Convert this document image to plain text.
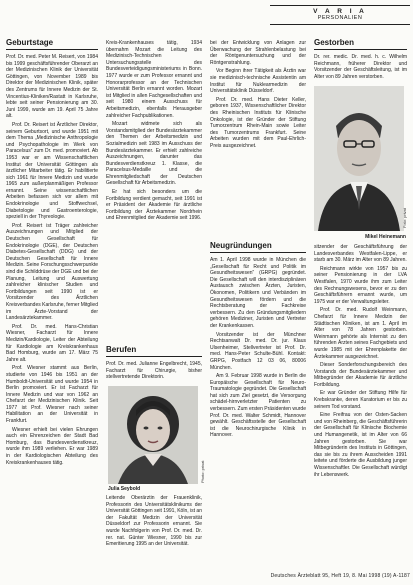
V A R I A
PERSONALIEN
Geburtstage

Prof. Dr. med. Peter M. Reisert, von 1984 bis 1999 geschäftsführender Oberarzt an der Medizinischen Klinik der Universität Göttingen, von November 1989 bis Direktor der Medizinischen Klinik, später des Zentrums für Innere Medizin der St. Vincentius-Kliniken/Rastatt in Karlsruhe, lebte seit seiner Pensionierung am 30. Juni 1999, wurde am 19. April 75 Jahre alt.

Prof. Dr. Reisert ist Ärztlicher Direktor, seinem Geburtsort, und wurde 1951 mit dem Thema „Medizinische Anthropologie und Psychopathologie im Werk von Paracelsus“ zum Dr. med. promoviert. Ab 1953 war er am Wissenschaftlichen Institut der Universität Göttingen als ärztlicher Mitarbeiter tätig. Er habilitierte sich 1961 für Innere Medizin und wurde 1965 zum außerplanmäßigen Professor ernannt. Seine wissenschaftlichen Arbeiten befassen sich vor allem mit Endokrinologie und Stoffwechsel, Diabetologie und Gastroenterologie, speziell in der Thyreologie.

Prof. Reisert ist Träger zahlreicher Auszeichnungen und Mitglied der Deutschen Gesellschaft für Endokrinologie (DGE), der Deutschen Diabetes-Gesellschaft (DDG) und der Deutschen Gesellschaft für Innere Medizin. Seine Forschungsschwerpunkte sind die Schilddrüse der DGE und bei der Planung, Leitung und Auswertung zahlreicher klinischer Studien und Fortbildungen seit 1990 ist er Vorsitzender des Ärztlichen Kreisverbandes Karlsruhe, ferner Mitglied im Ärzte-Vorstand der Landesärztekammer.

Prof. Dr. med. Hans-Christian Wiesner, Facharzt für Innere Medizin/Kardiologie, Leiter der Abteilung für Kardiologie am Kreiskrankenhaus Bad Homburg, wurde am 17. März 75 Jahre alt.

Prof. Wiesner stammt aus Berlin, studierte von 1946 bis 1951 an der Humboldt-Universität und wurde 1954 in Berlin promoviert. Er ist Facharzt für Innere Medizin und war von 1962 an Chefarzt der Medizinischen Klinik. Seit 1977 ist Prof. Wiesner nach seiner Habilitation an der Universität in Frankfurt.

Wiesner erhielt bei vielen Ehrungen auch ein Ehrenzeichen der Stadt Bad Homburg, das Bundesverdienstkreuz, wurde ihm 1989 verliehen. Er war 1989 in der Kardiologischen Abteilung des Kreiskrankenhauses tätig.

Kreis-Krankenhauses tätig, 1934 übernahm Mozart die Leitung des Medizinisch-Technischen Untersuchungsstelle des Bundesverteidigungsministeriums in Bonn. 1977 wurde er zum Professor ernannt und Honorarprofessor an der Technischen Universität Berlin ernannt worden. Mozart ist Mitglied in allen Fachgesellschaften und seit 1980 einem Ausschuss für Arbeitsmedizin, ebenfalls Herausgeber zahlreicher Fachpublikationen.

Mozart widmete sich als Vorstandsmitglied der Bundesärztekammer den Themen der Arbeitsmedizin und Sozialmedizin seit 1983 im Ausschuss der Bundesärztekammer. Er erhielt zahlreiche Auszeichnungen, darunter das Bundesverdienstkreuz 1. Klasse, die Paracelsus-Medaille und die Ehrenmitgliedschaft der Deutschen Gesellschaft für Arbeitsmedizin.

Er hat sich besonders um die Fortbildung verdient gemacht, seit 1991 ist er Präsident der Akademie für ärztliche Fortbildung der Ärztekammer Nordrhein und Ehrenmitglied der Akademie seit 1996.

Berufen

Prof. Dr. med. Julianne Engelbrecht, 1945, Facharzt für Chirurgie, bisher stellvertretende Direktorin.

Photo: privat
Julia Seybold

Leitende Oberärztin der Frauenklinik, Professorin des Universitätsklinikums der Universität Göttingen seit 1991, Köln, ist an der Fakultät Medizin der Universität Düsseldorf zur Professorin ernannt. Sie wurde Nachfolgerin von Prof. Dr. med. Dr. rer. nat. Günter Wiesner, 1990 bis zur Emeritierung 1995 an der Universität.

bei der Entwicklung von Anlagen zur Überwachung der Strahlenbelastung bei der Röntgenuntersuchung und der Röntgenstrahlung.

Vor Beginn ihrer Tätigkeit als Ärztin war sie medizinisch-technische Assistentin am Institut für Nuklearmedizin der Universitätsklinik Düsseldorf.

Prof. Dr. med. Hans Dieter Keller, geboren 1937, Wissenschaftlicher Direktor des Rheinischen Instituts für Klinische Onkologie, ist der Gründer der Stiftung Tumorzentrum Rhein-Main sowie Leiter des Tumorzentrums Frankfurt. Seine Arbeiten wurden mit dem Paul-Ehrlich-Preis ausgezeichnet.

Neugründungen

Am 1. April 1998 wurde in München die „Gesellschaft für Recht und Politik im Gesundheitswesen“ (GRPG) gegründet. Die Gesellschaft will den interdisziplinären Austausch zwischen Ärzten, Juristen, Ökonomen, Politikern und Verbänden im Gesundheitswesen fördern und die Rechtsberatung der Fachkreise verbessern. Zu den Gründungsmitgliedern gehören Mediziner, Juristen und Vertreter der Krankenkassen.

Vorsitzender ist der Münchner Rechtsanwalt Dr. med. Dr. jur. Klaus Ulsenheimer, Stellvertreter ist Prof. Dr. med. Hans-Peter Schulte-Bühl. Kontakt: GRPG, Postfach 12 03 06, 80006 München.

Am 9. Februar 1998 wurde in Berlin die Europäische Gesellschaft für Neuro-Traumatologie gegründet. Die Gesellschaft hat sich zum Ziel gesetzt, die Versorgung schädel-hirnverletzter Patienten zu verbessern. Zum ersten Präsidenten wurde Prof. Dr. med. Walter Schmidt, Hannover gewählt. Geschäftsstelle der Gesellschaft ist die Neurochirurgische Klinik in Hannover.

Gestorben

Dr. rer. medic. Dr. med. h. c. Wilhelm Reichmann, früherer Direktor und Vorsitzender der Geschäftsleitung, ist im Alter von 89 Jahren verstorben.

Mikel Heinemann
Foto: privat

sitzender der Geschäftsführung der Landesverbandes Westfalen-Lippe, er starb am 30. März im Alter von 89 Jahren.

Reichmann wirkte von 1957 bis zu seiner Pensionierung in der LVA Westfalen, 1970 wurde ihm zum Leiter des Rechnungswesens, bevor er zu den Geschäftsführern ernannt wurde, um 1975 war er der Verwaltungsleiter.

Prof. Dr. med. Rudolf Weinmann, Chefarzt für Innere Medizin der Städtischen Kliniken, ist am 1. April im Alter von 78 Jahren gestorben. Weinmann gehörte als Internist zu den führenden Ärzten seines Fachgebiets und wurde 1985 mit der Ehrenplakette der Ärztekammer ausgezeichnet.

Dieser Sonderforschungsbereich des Vorstands der Bundesärztekammer und Mitbegründer der Akademie für ärztliche Fortbildung.

Er war Gründer der Stiftung Hilfe für Krebskranke, deren Kuratorium er bis zu seinem Tod vorstand.

Eine Freifrau von der Osten-Sacken und von Rheinberg, die Geschäftsführerin der Gesellschaft für Klinische Biochemie und Humangenetik, ist im Alter von 66 Jahren gestorben. Sie war Mitbegründerin des Instituts in Göttingen, das sie bis zu ihrem Ausscheiden 1991 leitete und förderte die Ausbildung junger Wissenschaftler. Die Gesellschaft würdigt ihr Lebenswerk.

Deutsches Ärzteblatt 95, Heft 19, 8. Mai 1998 (19) A-1187
